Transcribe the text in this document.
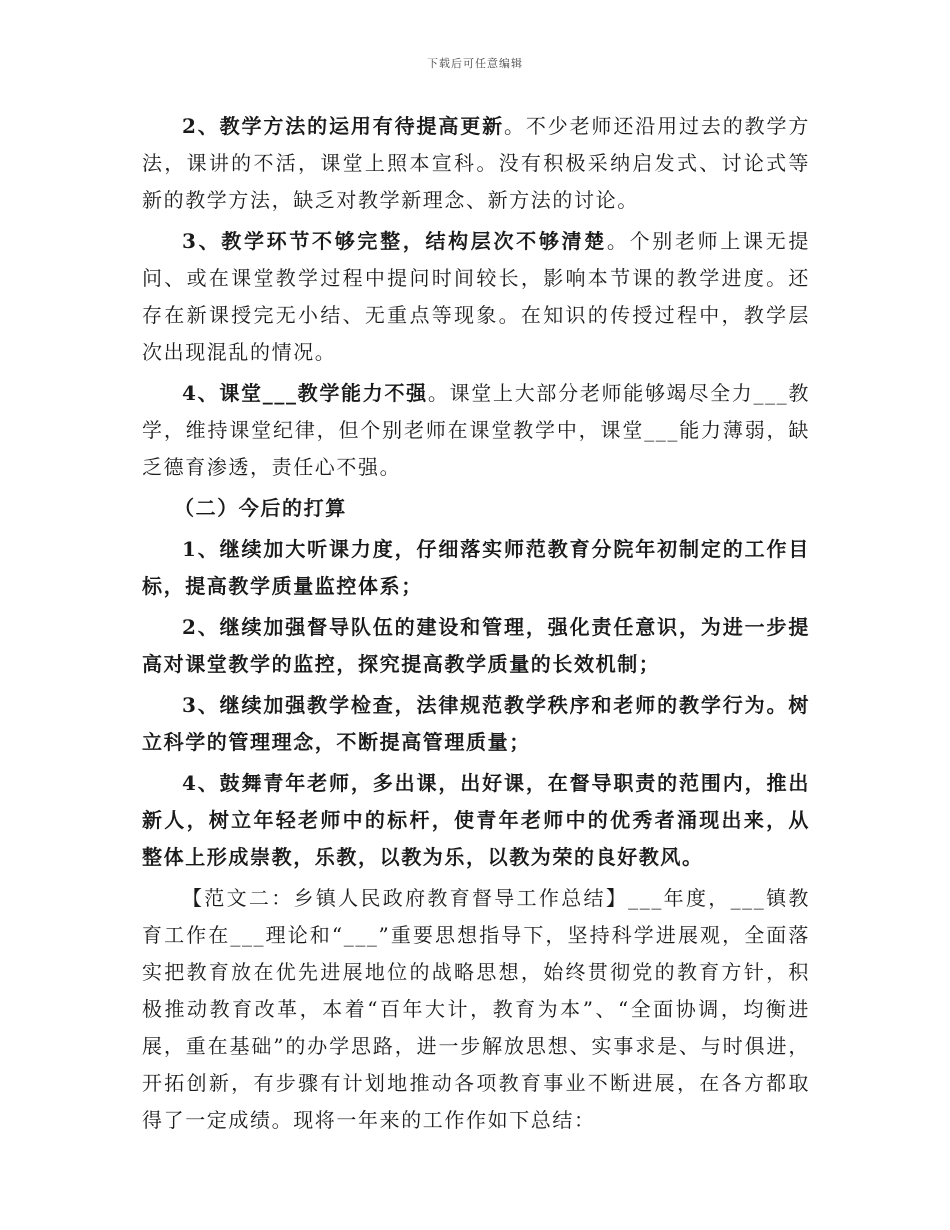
下载后可任意编辑

2、教学方法的运用有待提高更新。不少老师还沿用过去的教学方法，课讲的不活，课堂上照本宣科。没有积极采纳启发式、讨论式等新的教学方法，缺乏对教学新理念、新方法的讨论。

3、教学环节不够完整，结构层次不够清楚。个别老师上课无提问、或在课堂教学过程中提问时间较长，影响本节课的教学进度。还存在新课授完无小结、无重点等现象。在知识的传授过程中，教学层次出现混乱的情况。

4、课堂___教学能力不强。课堂上大部分老师能够竭尽全力___教学，维持课堂纪律，但个别老师在课堂教学中，课堂___能力薄弱，缺乏德育渗透，责任心不强。

（二）今后的打算

1、继续加大听课力度，仔细落实师范教育分院年初制定的工作目标，提高教学质量监控体系；

2、继续加强督导队伍的建设和管理，强化责任意识，为进一步提高对课堂教学的监控，探究提高教学质量的长效机制；

3、继续加强教学检查，法律规范教学秩序和老师的教学行为。树立科学的管理理念，不断提高管理质量；

4、鼓舞青年老师，多出课，出好课，在督导职责的范围内，推出新人，树立年轻老师中的标杆，使青年老师中的优秀者涌现出来，从整体上形成崇教，乐教，以教为乐，以教为荣的良好教风。

【范文二：乡镇人民政府教育督导工作总结】___年度，___镇教育工作在___理论和“___”重要思想指导下，坚持科学进展观，全面落实把教育放在优先进展地位的战略思想，始终贯彻党的教育方针，积极推动教育改革，本着“百年大计，教育为本”、“全面协调，均衡进展，重在基础”的办学思路，进一步解放思想、实事求是、与时俱进，开拓创新，有步骤有计划地推动各项教育事业不断进展，在各方都取得了一定成绩。现将一年来的工作作如下总结：
